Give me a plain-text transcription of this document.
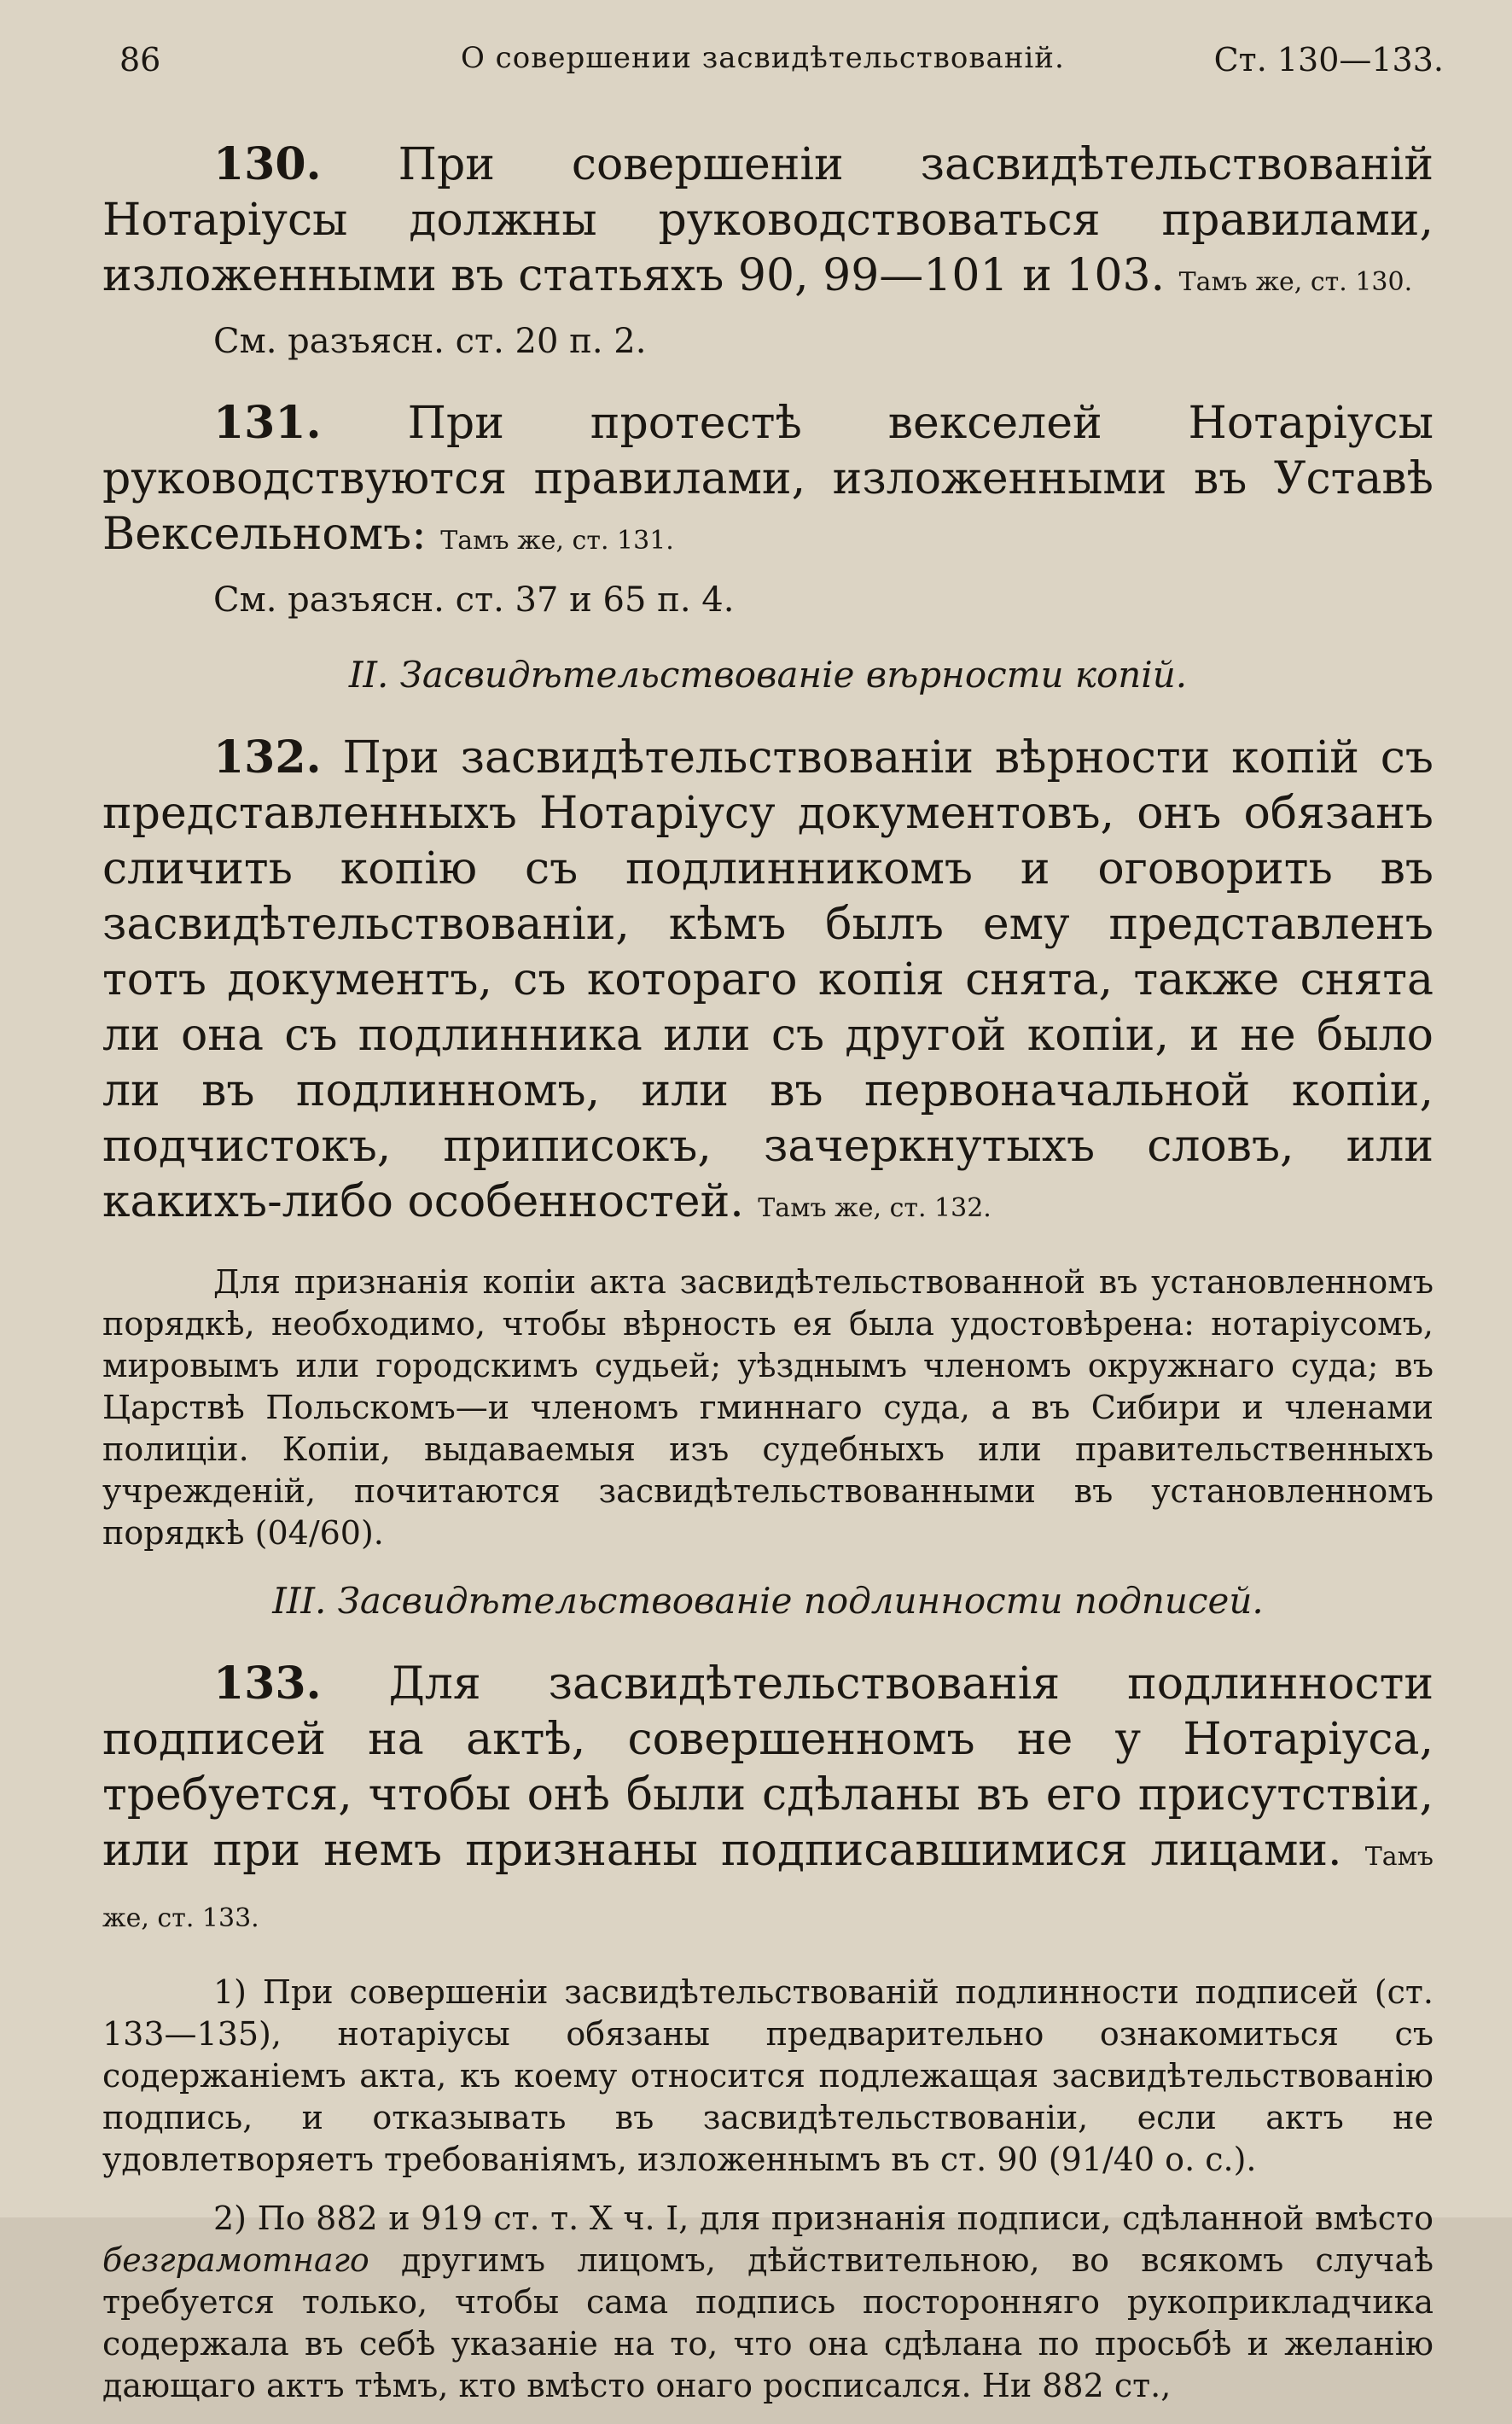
86	О совершении засвидѣтельствованій.	Ст. 130—133.

130. При совершеніи засвидѣтельствованій Нотаріусы должны руководствоваться правилами, изложенными въ статьяхъ 90, 99—101 и 103. Тамъ же, ст. 130.

См. разъясн. ст. 20 п. 2.

131. При протестѣ векселей Нотаріусы руководствуются правилами, изложенными въ Уставѣ Вексельномъ: Тамъ же, ст. 131.

См. разъясн. ст. 37 и 65 п. 4.

II. Засвидѣтельствованіе вѣрности копій.

132. При засвидѣтельствованіи вѣрности копій съ представленныхъ Нотаріусу документовъ, онъ обязанъ сличить копію съ подлинникомъ и оговорить въ засвидѣтельствованіи, кѣмъ былъ ему представленъ тотъ документъ, съ котораго копія снята, также снята ли она съ подлинника или съ другой копіи, и не было ли въ подлинномъ, или въ первоначальной копіи, подчистокъ, приписокъ, зачеркнутыхъ словъ, или какихъ-либо особенностей. Тамъ же, ст. 132.

Для признанія копіи акта засвидѣтельствованной въ установленномъ порядкѣ, необходимо, чтобы вѣрность ея была удостовѣрена: нотаріусомъ, мировымъ или городскимъ судьей; уѣзднымъ членомъ окружнаго суда; въ Царствѣ Польскомъ—и членомъ гминнаго суда, а въ Сибири и членами полиціи. Копіи, выдаваемыя изъ судебныхъ или правительственныхъ учрежденій, почитаются засвидѣтельствованными въ установленномъ порядкѣ (04/60).

III. Засвидѣтельствованіе подлинности подписей.

133. Для засвидѣтельствованія подлинности подписей на актѣ, совершенномъ не у Нотаріуса, требуется, чтобы онѣ были сдѣланы въ его присутствіи, или при немъ признаны подписавшимися лицами. Тамъ же, ст. 133.

1) При совершеніи засвидѣтельствованій подлинности подписей (ст. 133—135), нотаріусы обязаны предварительно ознакомиться съ содержаніемъ акта, къ коему относится подлежащая засвидѣтельствованію подпись, и отказывать въ засвидѣтельствованіи, если актъ не удовлетворяетъ требованіямъ, изложеннымъ въ ст. 90 (91/40 о. с.).

2) По 882 и 919 ст. т. X ч. I, для признанія подписи, сдѣланной вмѣсто безграмотнаго другимъ лицомъ, дѣйствительною, во всякомъ случаѣ требуется только, чтобы сама подпись посторонняго рукоприкладчика содержала въ себѣ указаніе на то, что она сдѣлана по просьбѣ и желанію дающаго актъ тѣмъ, кто вмѣсто онаго росписался. Ни 882 ст.,
